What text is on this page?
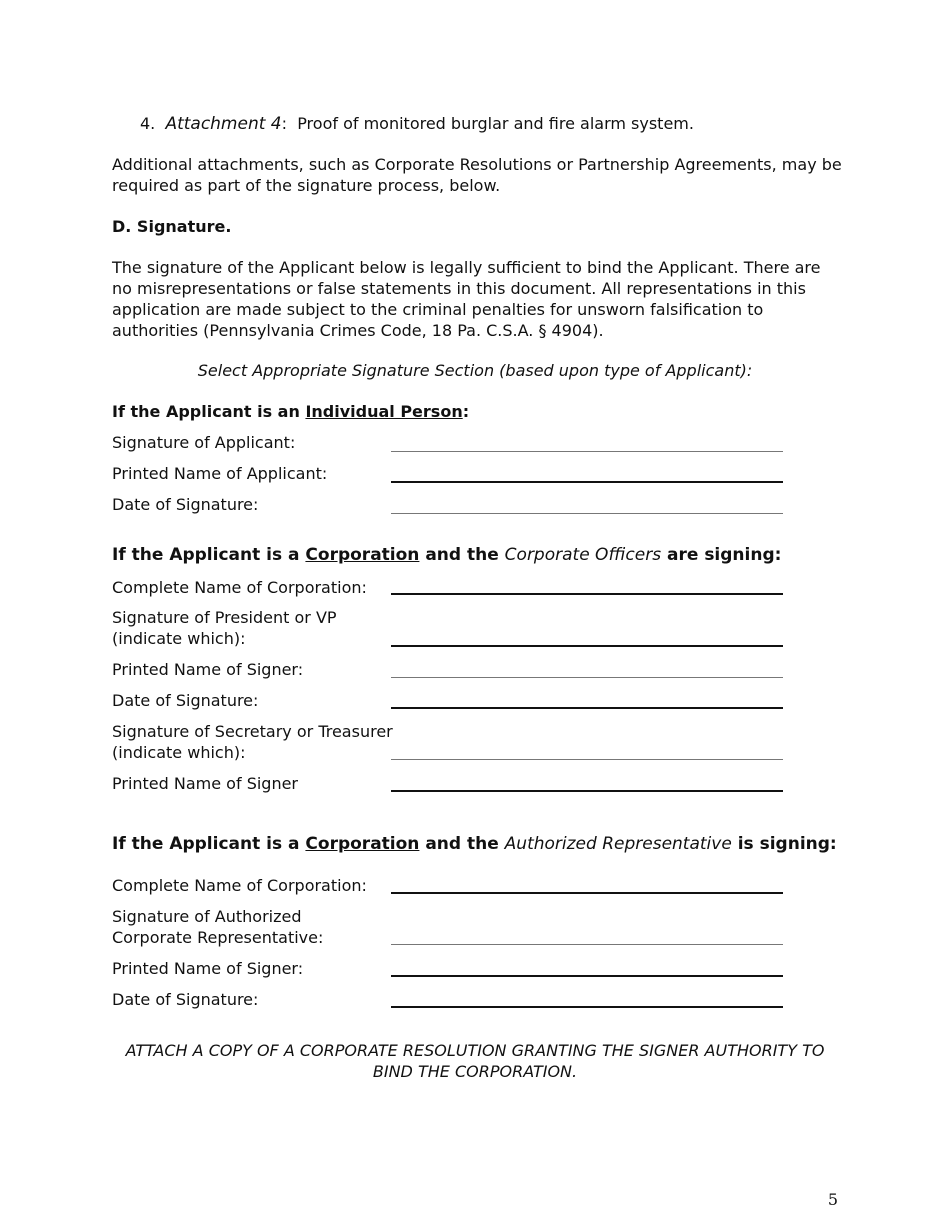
4. Attachment 4: Proof of monitored burglar and fire alarm system.
Additional attachments, such as Corporate Resolutions or Partnership Agreements, may be required as part of the signature process, below.
D. Signature.
The signature of the Applicant below is legally sufficient to bind the Applicant. There are no misrepresentations or false statements in this document. All representations in this application are made subject to the criminal penalties for unsworn falsification to authorities (Pennsylvania Crimes Code, 18 Pa. C.S.A. § 4904).
Select Appropriate Signature Section (based upon type of Applicant):
If the Applicant is an Individual Person:
Signature of Applicant:
Printed Name of Applicant:
Date of Signature:
If the Applicant is a Corporation and the Corporate Officers are signing:
Complete Name of Corporation:
Signature of President or VP
(indicate which):
Printed Name of Signer:
Date of Signature:
Signature of Secretary or Treasurer
(indicate which):
Printed Name of Signer
If the Applicant is a Corporation and the Authorized Representative is signing:
Complete Name of Corporation:
Signature of Authorized
Corporate Representative:
Printed Name of Signer:
Date of Signature:
ATTACH A COPY OF A CORPORATE RESOLUTION GRANTING THE SIGNER AUTHORITY TO BIND THE CORPORATION.
5
